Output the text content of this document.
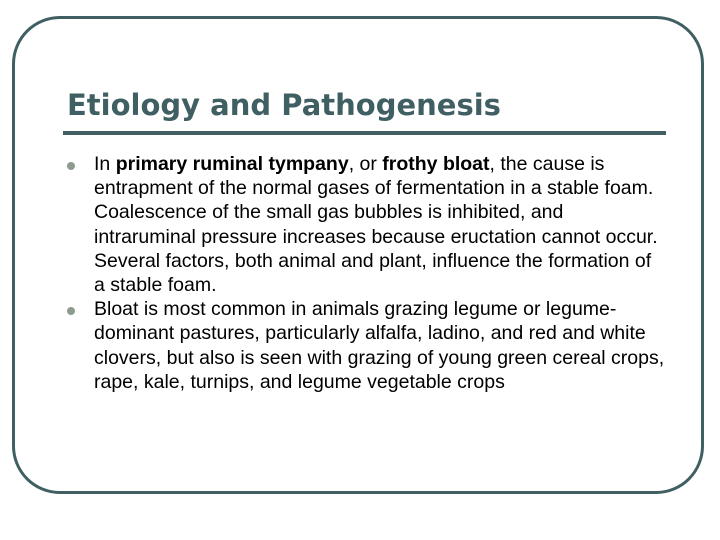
Etiology and Pathogenesis
In primary ruminal tympany, or frothy bloat, the cause is entrapment of the normal gases of fermentation in a stable foam. Coalescence of the small gas bubbles is inhibited, and intraruminal pressure increases because eructation cannot occur. Several factors, both animal and plant, influence the formation of a stable foam.
Bloat is most common in animals grazing legume or legume-dominant pastures, particularly alfalfa, ladino, and red and white clovers, but also is seen with grazing of young green cereal crops, rape, kale, turnips, and legume vegetable crops
